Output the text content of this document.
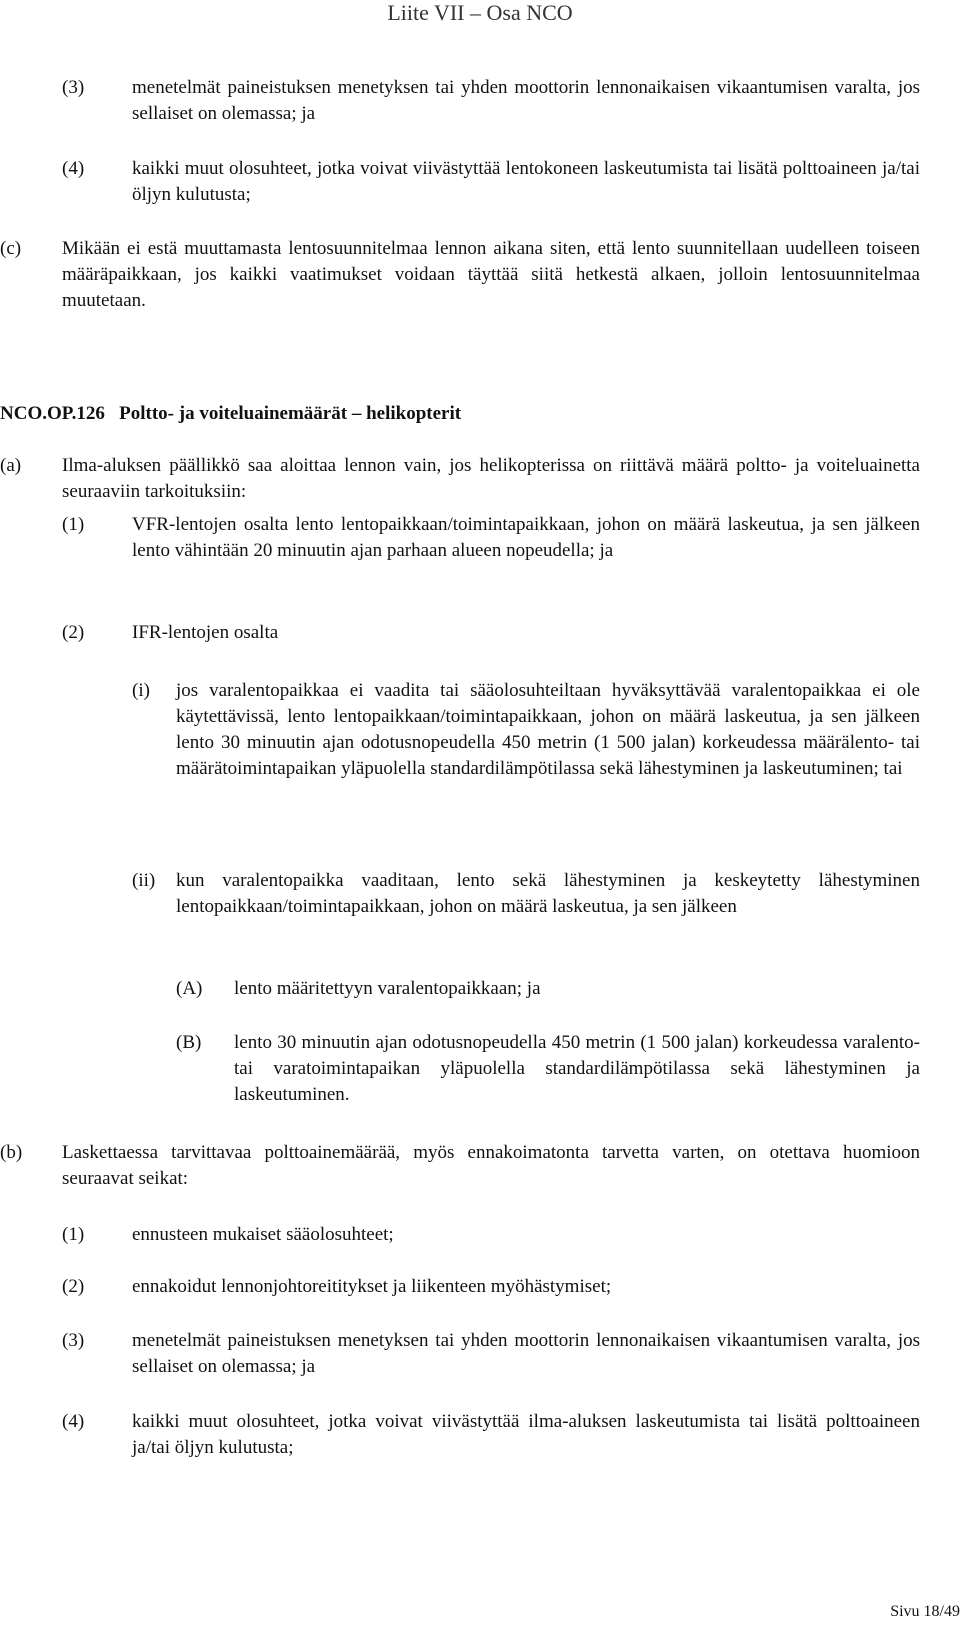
Liite VII – Osa NCO
(3)	menetelmät paineistuksen menetyksen tai yhden moottorin lennonaikaisen vikaantumisen varalta, jos sellaiset on olemassa; ja
(4)	kaikki muut olosuhteet, jotka voivat viivästyttää lentokoneen laskeutumista tai lisätä polttoaineen ja/tai öljyn kulutusta;
(c) Mikään ei estä muuttamasta lentosuunnitelmaa lennon aikana siten, että lento suunnitellaan uudelleen toiseen määräpaikkaan, jos kaikki vaatimukset voidaan täyttää siitä hetkestä alkaen, jolloin lentosuunnitelmaa muutetaan.
NCO.OP.126 Poltto- ja voiteluainemäärät – helikopterit
(a) Ilma-aluksen päällikkö saa aloittaa lennon vain, jos helikopterissa on riittävä määrä poltto- ja voiteluainetta seuraaviin tarkoituksiin:
(1)	VFR-lentojen osalta lento lentopaikkaan/toimintapaikkaan, johon on määrä laskeutua, ja sen jälkeen lento vähintään 20 minuutin ajan parhaan alueen nopeudella; ja
(2)	IFR-lentojen osalta
(i) jos varalentopaikkaa ei vaadita tai sääolosuhteiltaan hyväksyttävää varalentopaikkaa ei ole käytettävissä, lento lentopaikkaan/toimintapaikkaan, johon on määrä laskeutua, ja sen jälkeen lento 30 minuutin ajan odotusnopeudella 450 metrin (1 500 jalan) korkeudessa määrälento- tai määrätoimintapaikan yläpuolella standardilämpötilassa sekä lähestyminen ja laskeutuminen; tai
(ii) kun varalentopaikka vaaditaan, lento sekä lähestyminen ja keskeytetty lähestyminen lentopaikkaan/toimintapaikkaan, johon on määrä laskeutua, ja sen jälkeen
(A) lento määritettyyn varalentopaikkaan; ja
(B) lento 30 minuutin ajan odotusnopeudella 450 metrin (1 500 jalan) korkeudessa varalento- tai varatoimintapaikan yläpuolella standardilämpötilassa sekä lähestyminen ja laskeutuminen.
(b) Laskettaessa tarvittavaa polttoainemäärää, myös ennakoimatonta tarvetta varten, on otettava huomioon seuraavat seikat:
(1)	ennusteen mukaiset sääolosuhteet;
(2)	ennakoidut lennonjohtoreititykset ja liikenteen myöhästymiset;
(3)	menetelmät paineistuksen menetyksen tai yhden moottorin lennonaikaisen vikaantumisen varalta, jos sellaiset on olemassa; ja
(4)	kaikki muut olosuhteet, jotka voivat viivästyttää ilma-aluksen laskeutumista tai lisätä polttoaineen ja/tai öljyn kulutusta;
Sivu 18/49
